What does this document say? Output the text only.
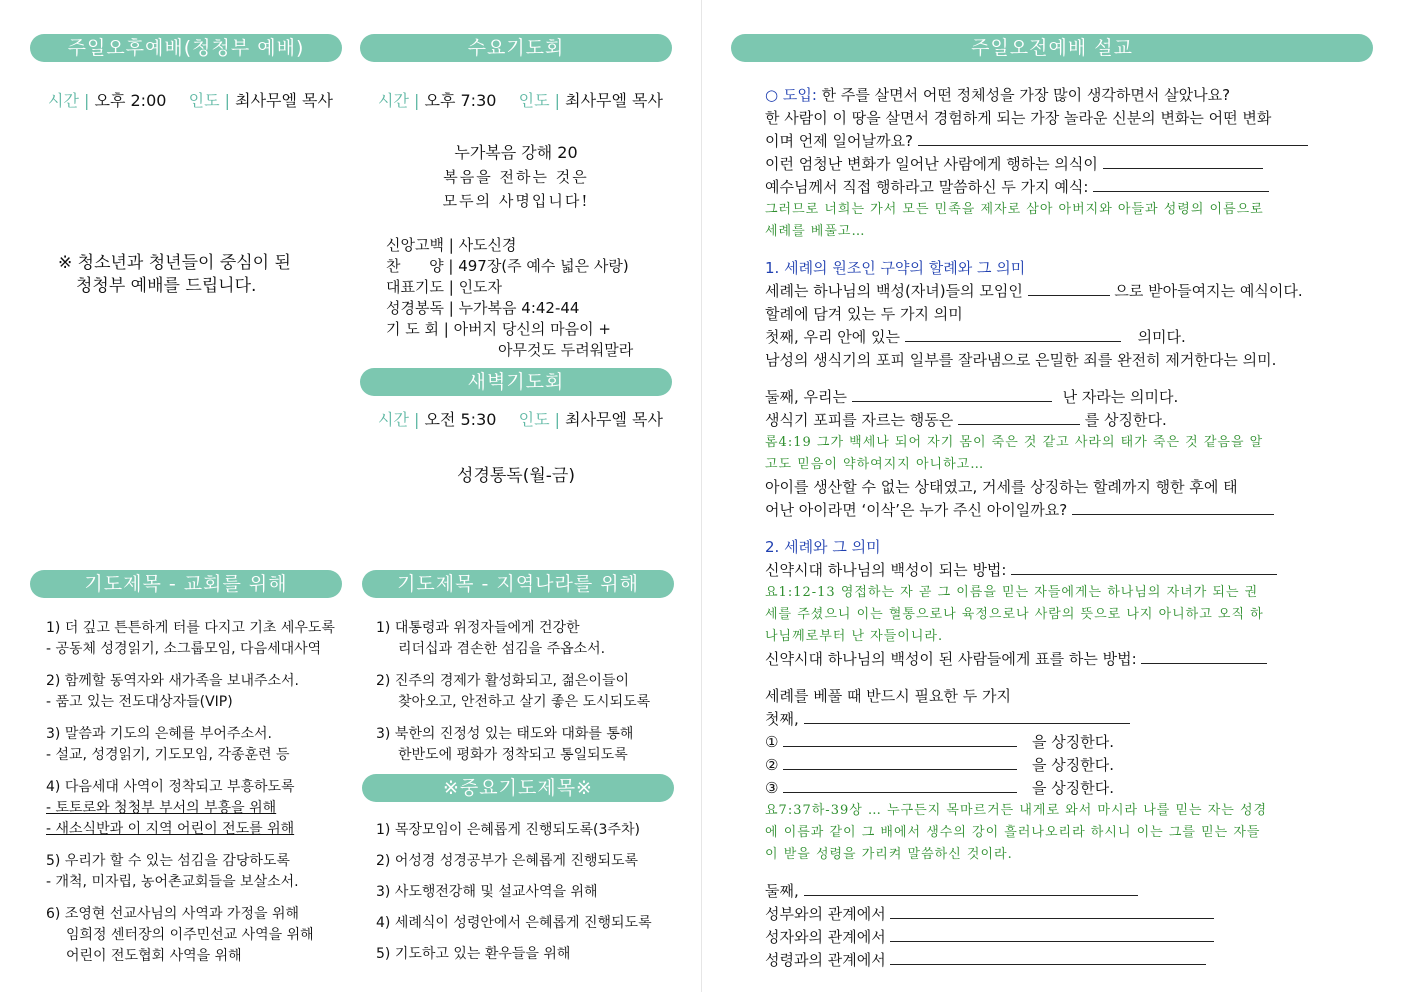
주일오후예배(청청부 예배)
시간 | 오후 2:00 인도 | 최사무엘 목사
※ 청소년과 청년들이 중심이 된
청청부 예배를 드립니다.
수요기도회
시간 | 오후 7:30 인도 | 최사무엘 목사
누가복음 강해 20
복음을 전하는 것은
모두의 사명입니다!
신앙고백 | 사도신경
찬      양 | 497장(주 예수 넓은 사랑)
대표기도 | 인도자
성경봉독 | 누가복음 4:42-44
기 도 회 | 아버지 당신의 마음이 +
아무것도 두려워말라
새벽기도회
시간 | 오전 5:30 인도 | 최사무엘 목사
성경통독(월-금)
기도제목 - 교회를 위해
1) 더 깊고 튼튼하게 터를 다지고 기초 세우도록
- 공동체 성경읽기, 소그룹모임, 다음세대사역
2) 함께할 동역자와 새가족을 보내주소서.
- 품고 있는 전도대상자들(VIP)
3) 말씀과 기도의 은혜를 부어주소서.
- 설교, 성경읽기, 기도모임, 각종훈련 등
4) 다음세대 사역이 정착되고 부흥하도록
- 토토로와 청청부 부서의 부흥을 위해
- 새소식반과 이 지역 어린이 전도를 위해
5) 우리가 할 수 있는 섬김을 감당하도록
- 개척, 미자립, 농어촌교회들을 보살소서.
6) 조영현 선교사님의 사역과 가정을 위해
임희정 센터장의 이주민선교 사역을 위해
어린이 전도협회 사역을 위해
기도제목 - 지역나라를 위해
1) 대통령과 위정자들에게 건강한
리더십과 겸손한 섬김을 주옵소서.
2) 진주의 경제가 활성화되고, 젊은이들이
찾아오고, 안전하고 살기 좋은 도시되도록
3) 북한의 진정성 있는 태도와 대화를 통해
한반도에 평화가 정착되고 통일되도록
※중요기도제목※
1) 목장모임이 은혜롭게 진행되도록(3주차)
2) 어성경 성경공부가 은혜롭게 진행되도록
3) 사도행전강해 및 설교사역을 위해
4) 세례식이 성령안에서 은혜롭게 진행되도록
5) 기도하고 있는 환우들을 위해
주일오전예배 설교
○ 도입: 한 주를 살면서 어떤 정체성을 가장 많이 생각하면서 살았나요?
한 사람이 이 땅을 살면서 경험하게 되는 가장 놀라운 신분의 변화는 어떤 변화
이며 언제 일어날까요?
이런 엄청난 변화가 일어난 사람에게 행하는 의식이
예수님께서 직접 행하라고 말씀하신 두 가지 예식:
그러므로 너희는 가서 모든 민족을 제자로 삼아 아버지와 아들과 성령의 이름으로
세례를 베풀고…
1. 세례의 원조인 구약의 할례와 그 의미
세례는 하나님의 백성(자녀)들의 모임인	으로 받아들여지는 예식이다.
할례에 담겨 있는 두 가지 의미
첫째, 우리 안에 있는	의미다.
남성의 생식기의 포피 일부를 잘라냄으로 은밀한 죄를 완전히 제거한다는 의미.
둘째, 우리는	난 자라는 의미다.
생식기 포피를 자르는 행동은	를 상징한다.
롬4:19 그가 백세나 되어 자기 몸이 죽은 것 같고 사라의 태가 죽은 것 같음을 알
고도 믿음이 약하여지지 아니하고…
아이를 생산할 수 없는 상태였고, 거세를 상징하는 할례까지 행한 후에 태
어난 아이라면 ‘이삭’은 누가 주신 아이일까요?
2. 세례와 그 의미
신약시대 하나님의 백성이 되는 방법:
요1:12-13 영접하는 자 곧 그 이름을 믿는 자들에게는 하나님의 자녀가 되는 권
세를 주셨으니 이는 혈통으로나 육정으로나 사람의 뜻으로 나지 아니하고 오직 하
나님께로부터 난 자들이니라.
신약시대 하나님의 백성이 된 사람들에게 표를 하는 방법:
세례를 베풀 때 반드시 필요한 두 가지
첫째,
①	을 상징한다.
②	을 상징한다.
③	을 상징한다.
요7:37하-39상 … 누구든지 목마르거든 내게로 와서 마시라 나를 믿는 자는 성경
에 이름과 같이 그 배에서 생수의 강이 흘러나오리라 하시니 이는 그를 믿는 자들
이 받을 성령을 가리켜 말씀하신 것이라.
둘째,
성부와의 관계에서
성자와의 관계에서
성령과의 관계에서
